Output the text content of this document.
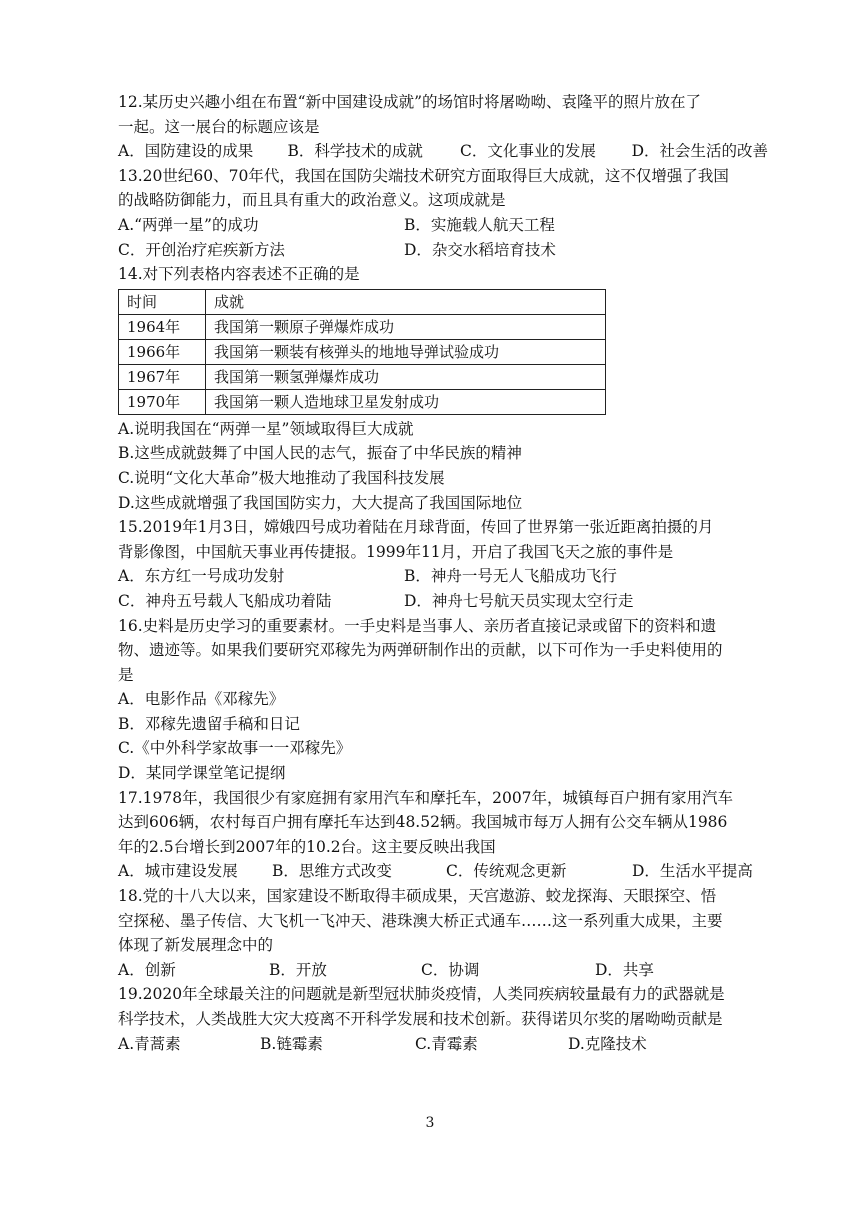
12.某历史兴趣小组在布置“新中国建设成就”的场馆时将屠呦呦、袁隆平的照片放在了
一起。这一展台的标题应该是
A．国防建设的成果	B．科学技术的成就	C．文化事业的发展	D．社会生活的改善
13.20世纪60、70年代，我国在国防尖端技术研究方面取得巨大成就，这不仅增强了我国
的战略防御能力，而且具有重大的政治意义。这项成就是
A.“两弹一星”的成功	B．实施载人航天工程
C．开创治疗疟疾新方法	D．杂交水稻培育技术
14.对下列表格内容表述不正确的是
时间	成就
1964年	我国第一颗原子弹爆炸成功
1966年	我国第一颗装有核弹头的地地导弹试验成功
1967年	我国第一颗氢弹爆炸成功
1970年	我国第一颗人造地球卫星发射成功
A.说明我国在“两弹一星”领域取得巨大成就
B.这些成就鼓舞了中国人民的志气，振奋了中华民族的精神
C.说明“文化大革命”极大地推动了我国科技发展
D.这些成就增强了我国国防实力，大大提高了我国国际地位
15.2019年1月3日，嫦娥四号成功着陆在月球背面，传回了世界第一张近距离拍摄的月
背影像图，中国航天事业再传捷报。1999年11月，开启了我国飞天之旅的事件是
A．东方红一号成功发射	B．神舟一号无人飞船成功飞行
C．神舟五号载人飞船成功着陆	D．神舟七号航天员实现太空行走
16.史料是历史学习的重要素材。一手史料是当事人、亲历者直接记录或留下的资料和遗
物、遗迹等。如果我们要研究邓稼先为两弹研制作出的贡献，以下可作为一手史料使用的
是
A．电影作品《邓稼先》
B．邓稼先遗留手稿和日记
C.《中外科学家故事一一邓稼先》
D．某同学课堂笔记提纲
17.1978年，我国很少有家庭拥有家用汽车和摩托车，2007年，城镇每百户拥有家用汽车
达到606辆，农村每百户拥有摩托车达到48.52辆。我国城市每万人拥有公交车辆从1986
年的2.5台增长到2007年的10.2台。这主要反映出我国
A．城市建设发展	B．思维方式改变	C．传统观念更新	D．生活水平提高
18.党的十八大以来，国家建设不断取得丰硕成果，天宫遨游、蛟龙探海、天眼探空、悟
空探秘、墨子传信、大飞机一飞冲天、港珠澳大桥正式通车……这一系列重大成果，主要
体现了新发展理念中的
A．创新	B．开放	C．协调	D．共享
19.2020年全球最关注的问题就是新型冠状肺炎疫情，人类同疾病较量最有力的武器就是
科学技术，人类战胜大灾大疫离不开科学发展和技术创新。获得诺贝尔奖的屠呦呦贡献是
A.青蒿素	B.链霉素	C.青霉素	D.克隆技术
3
